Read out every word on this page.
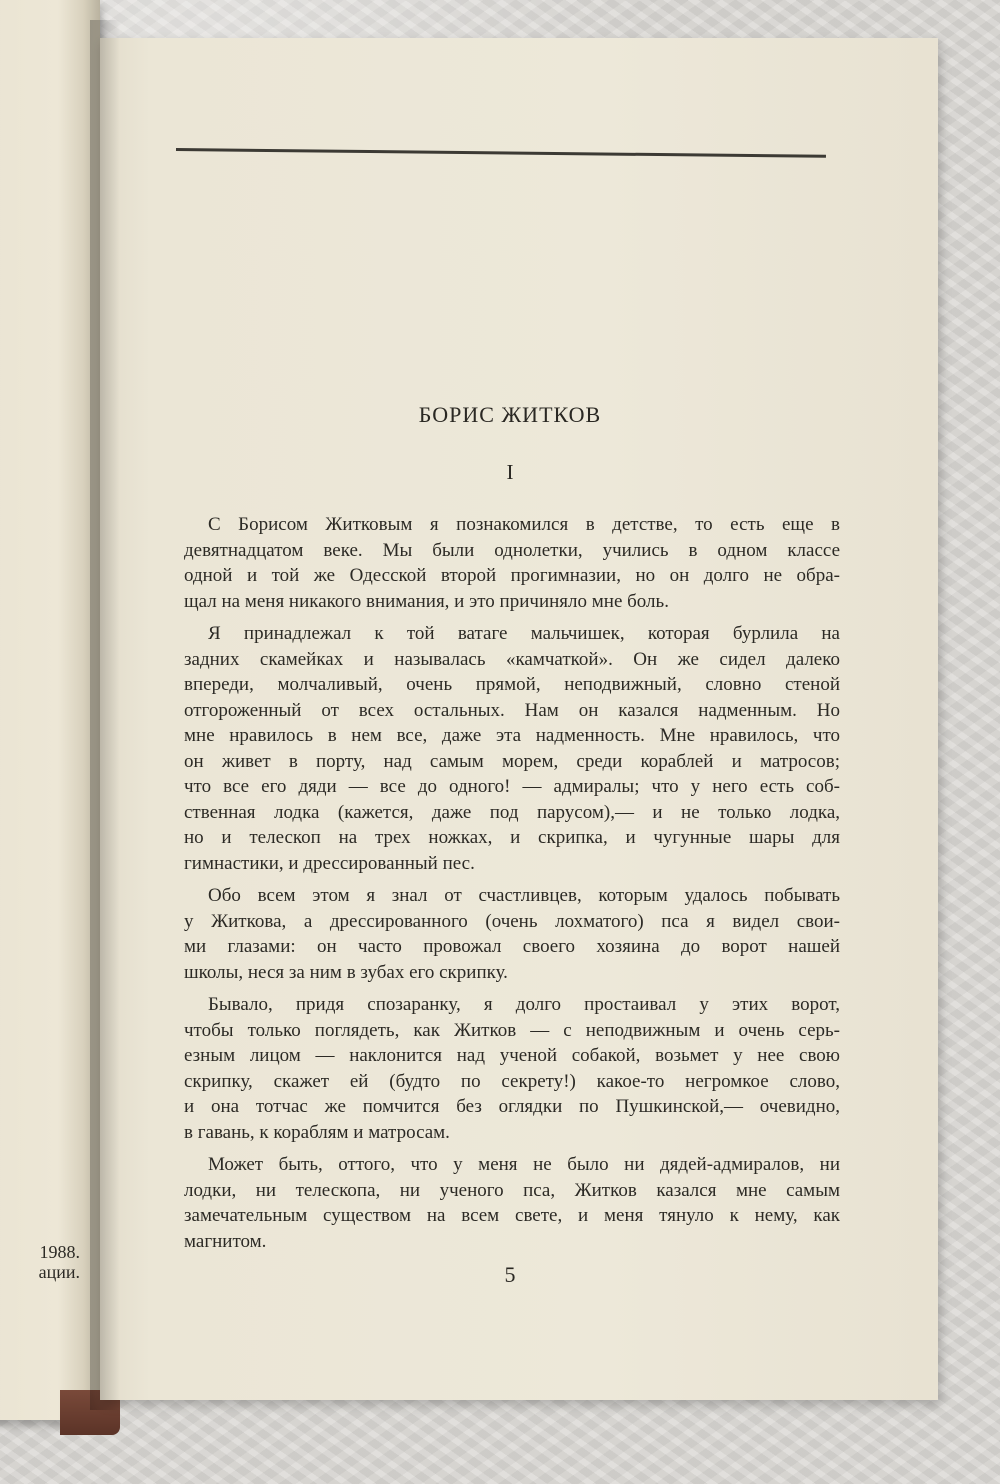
1988.
ации.
БОРИС ЖИТКОВ
I
С Борисом Житковым я познакомился в детстве, то есть еще в
девятнадцатом веке. Мы были однолетки, учились в одном классе
одной и той же Одесской второй прогимназии, но он долго не обра-
щал на меня никакого внимания, и это причиняло мне боль.
Я принадлежал к той ватаге мальчишек, которая бурлила на
задних скамейках и называлась «камчаткой». Он же сидел далеко
впереди, молчаливый, очень прямой, неподвижный, словно стеной
отгороженный от всех остальных. Нам он казался надменным. Но
мне нравилось в нем все, даже эта надменность. Мне нравилось, что
он живет в порту, над самым морем, среди кораблей и матросов;
что все его дяди — все до одного! — адмиралы; что у него есть соб-
ственная лодка (кажется, даже под парусом),— и не только лодка,
но и телескоп на трех ножках, и скрипка, и чугунные шары для
гимнастики, и дрессированный пес.
Обо всем этом я знал от счастливцев, которым удалось побывать
у Житкова, а дрессированного (очень лохматого) пса я видел свои-
ми глазами: он часто провожал своего хозяина до ворот нашей
школы, неся за ним в зубах его скрипку.
Бывало, придя спозаранку, я долго простаивал у этих ворот,
чтобы только поглядеть, как Житков — с неподвижным и очень серь-
езным лицом — наклонится над ученой собакой, возьмет у нее свою
скрипку, скажет ей (будто по секрету!) какое-то негромкое слово,
и она тотчас же помчится без оглядки по Пушкинской,— очевидно,
в гавань, к кораблям и матросам.
Может быть, оттого, что у меня не было ни дядей-адмиралов, ни
лодки, ни телескопа, ни ученого пса, Житков казался мне самым
замечательным существом на всем свете, и меня тянуло к нему, как
магнитом.
5
